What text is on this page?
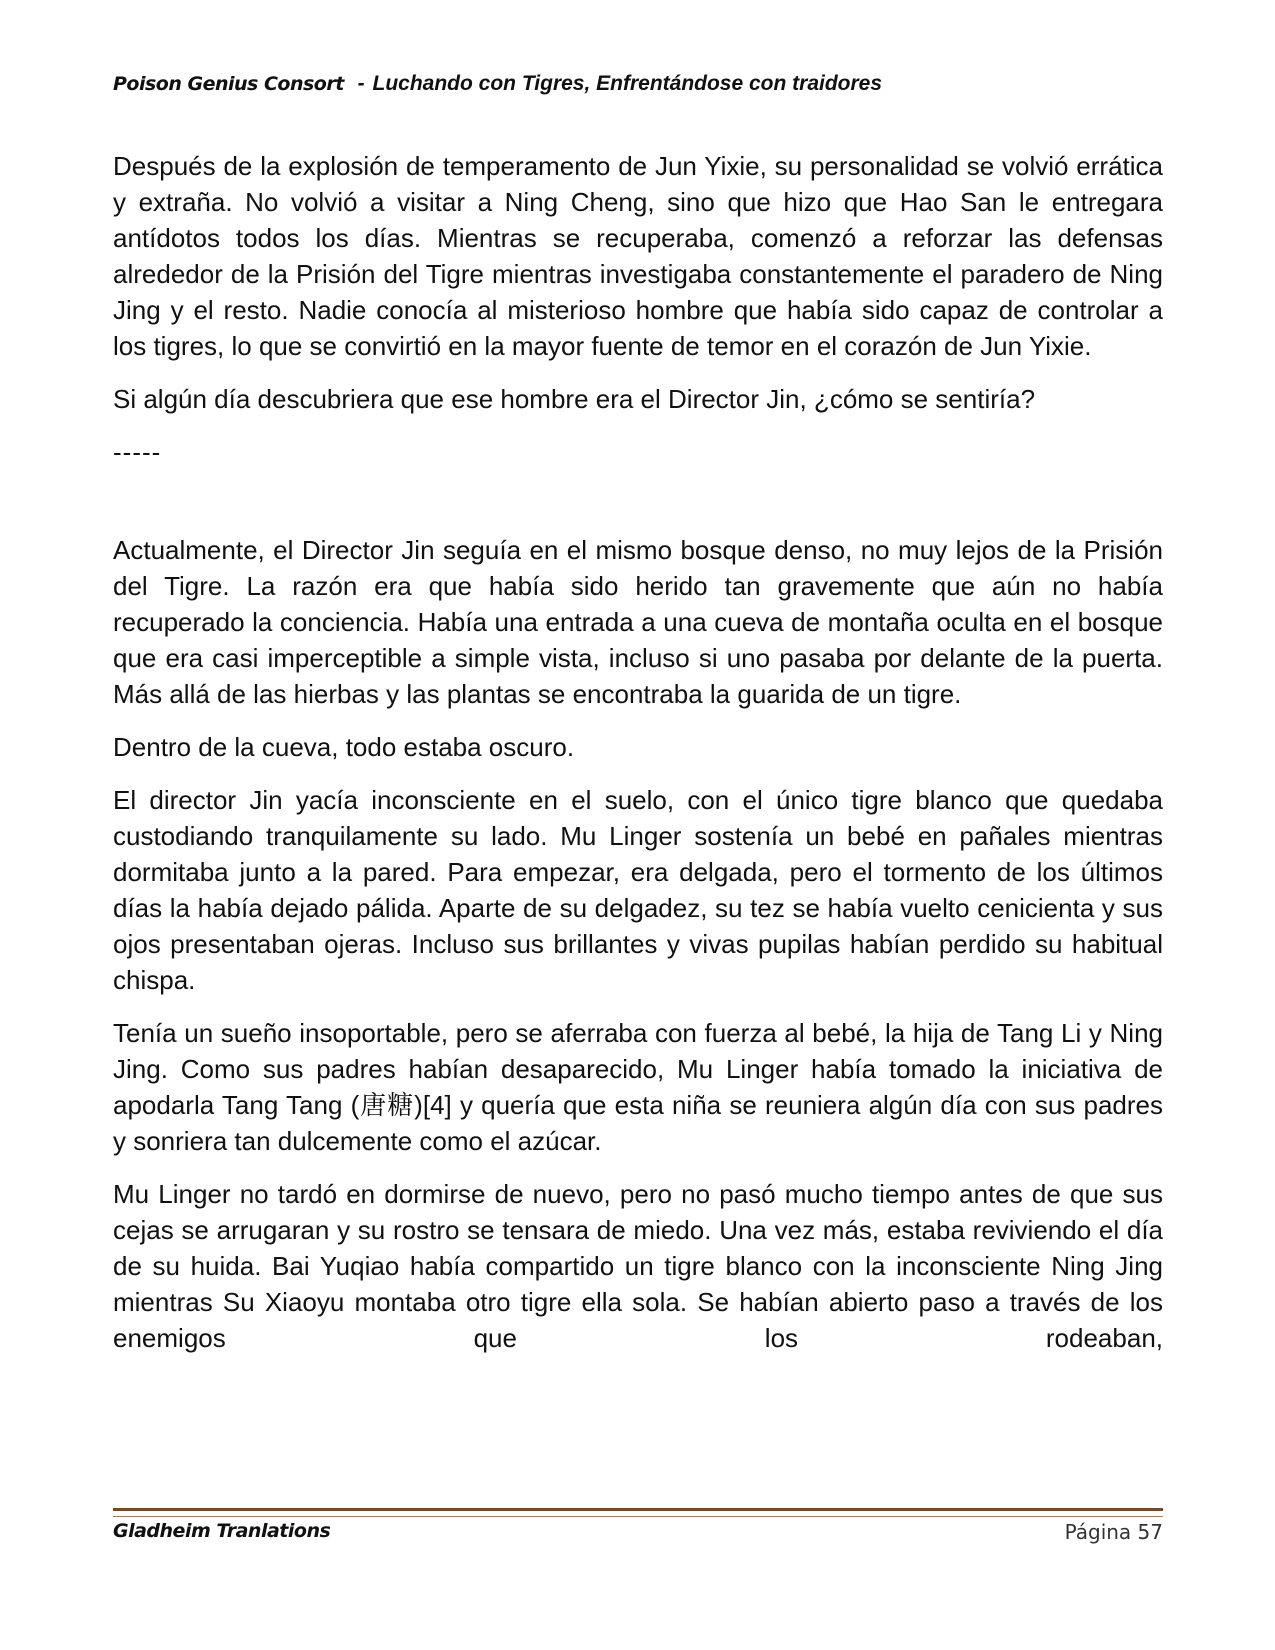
Poison Genius Consort - Luchando con Tigres, Enfrentándose con traidores

Después de la explosión de temperamento de Jun Yixie, su personalidad se volvió errática y extraña. No volvió a visitar a Ning Cheng, sino que hizo que Hao San le entregara antídotos todos los días. Mientras se recuperaba, comenzó a reforzar las defensas alrededor de la Prisión del Tigre mientras investigaba constantemente el paradero de Ning Jing y el resto. Nadie conocía al misterioso hombre que había sido capaz de controlar a los tigres, lo que se convirtió en la mayor fuente de temor en el corazón de Jun Yixie.

Si algún día descubriera que ese hombre era el Director Jin, ¿cómo se sentiría?

-----

Actualmente, el Director Jin seguía en el mismo bosque denso, no muy lejos de la Prisión del Tigre. La razón era que había sido herido tan gravemente que aún no había recuperado la conciencia. Había una entrada a una cueva de montaña oculta en el bosque que era casi imperceptible a simple vista, incluso si uno pasaba por delante de la puerta. Más allá de las hierbas y las plantas se encontraba la guarida de un tigre.

Dentro de la cueva, todo estaba oscuro.

El director Jin yacía inconsciente en el suelo, con el único tigre blanco que quedaba custodiando tranquilamente su lado. Mu Linger sostenía un bebé en pañales mientras dormitaba junto a la pared. Para empezar, era delgada, pero el tormento de los últimos días la había dejado pálida. Aparte de su delgadez, su tez se había vuelto cenicienta y sus ojos presentaban ojeras. Incluso sus brillantes y vivas pupilas habían perdido su habitual chispa.

Tenía un sueño insoportable, pero se aferraba con fuerza al bebé, la hija de Tang Li y Ning Jing. Como sus padres habían desaparecido, Mu Linger había tomado la iniciativa de apodarla Tang Tang (唐糖)[4] y quería que esta niña se reuniera algún día con sus padres y sonriera tan dulcemente como el azúcar.

Mu Linger no tardó en dormirse de nuevo, pero no pasó mucho tiempo antes de que sus cejas se arrugaran y su rostro se tensara de miedo. Una vez más, estaba reviviendo el día de su huida. Bai Yuqiao había compartido un tigre blanco con la inconsciente Ning Jing mientras Su Xiaoyu montaba otro tigre ella sola. Se habían abierto paso a través de los enemigos que los rodeaban,

Gladheim Tranlations	Página 57
